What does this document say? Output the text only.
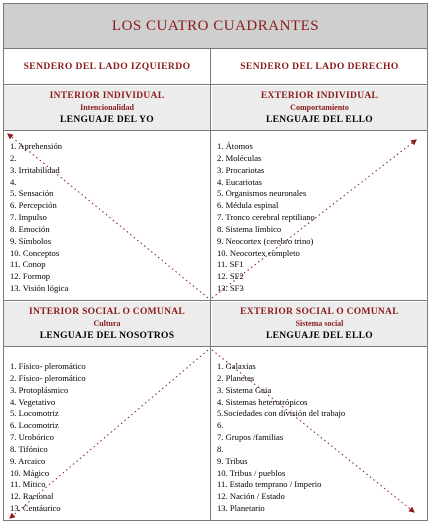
LOS CUATRO CUADRANTES
SENDERO DEL LADO IZQUIERDO	SENDERO DEL LADO DERECHO
INTERIOR INDIVIDUAL
Intencionalidad
LENGUAJE DEL YO
1. Aprehensión
2.
3. Irritabilidad
4.
5. Sensación
6. Percepción
7. Impulso
8. Emoción
9. Símbolos
10. Conceptos
11. Conop
12. Formop
13. Visión lógica
EXTERIOR INDIVIDUAL
Comportamiento
LENGUAJE DEL ELLO
1. Átomos
2. Moléculas
3. Procariotas
4. Eucariotas
5. Organismos neuronales
6. Médula espinal
7. Tronco cerebral reptiliano
8. Sistema límbico
9. Neocortex (cerebro trino)
10. Neocortex completo
11. SF1
12. SF2
13. SF3
INTERIOR SOCIAL O COMUNAL
Cultura
LENGUAJE DEL NOSOTROS
1. Físico- pleromático
2. Físico- pleromático
3. Protoplásmico
4. Vegetativo
5. Locomotriz
6. Locomotriz
7. Urobórico
8. Tifónico
9. Arcaico
10. Mágico
11. Mítico
12. Racional
13. Centáurico
EXTERIOR SOCIAL O COMUNAL
Sistema social
LENGUAJE DEL ELLO
1. Galaxias
2. Planetas
3. Sistema Gaia
4. Sistemas heterotrópicos
5.Sociedades con división del trabajo
6.
7. Grupos /familias
8.
9. Tribus
10. Tribus / pueblos
11. Estado temprano / Imperio
12. Nación / Estado
13. Planetario
